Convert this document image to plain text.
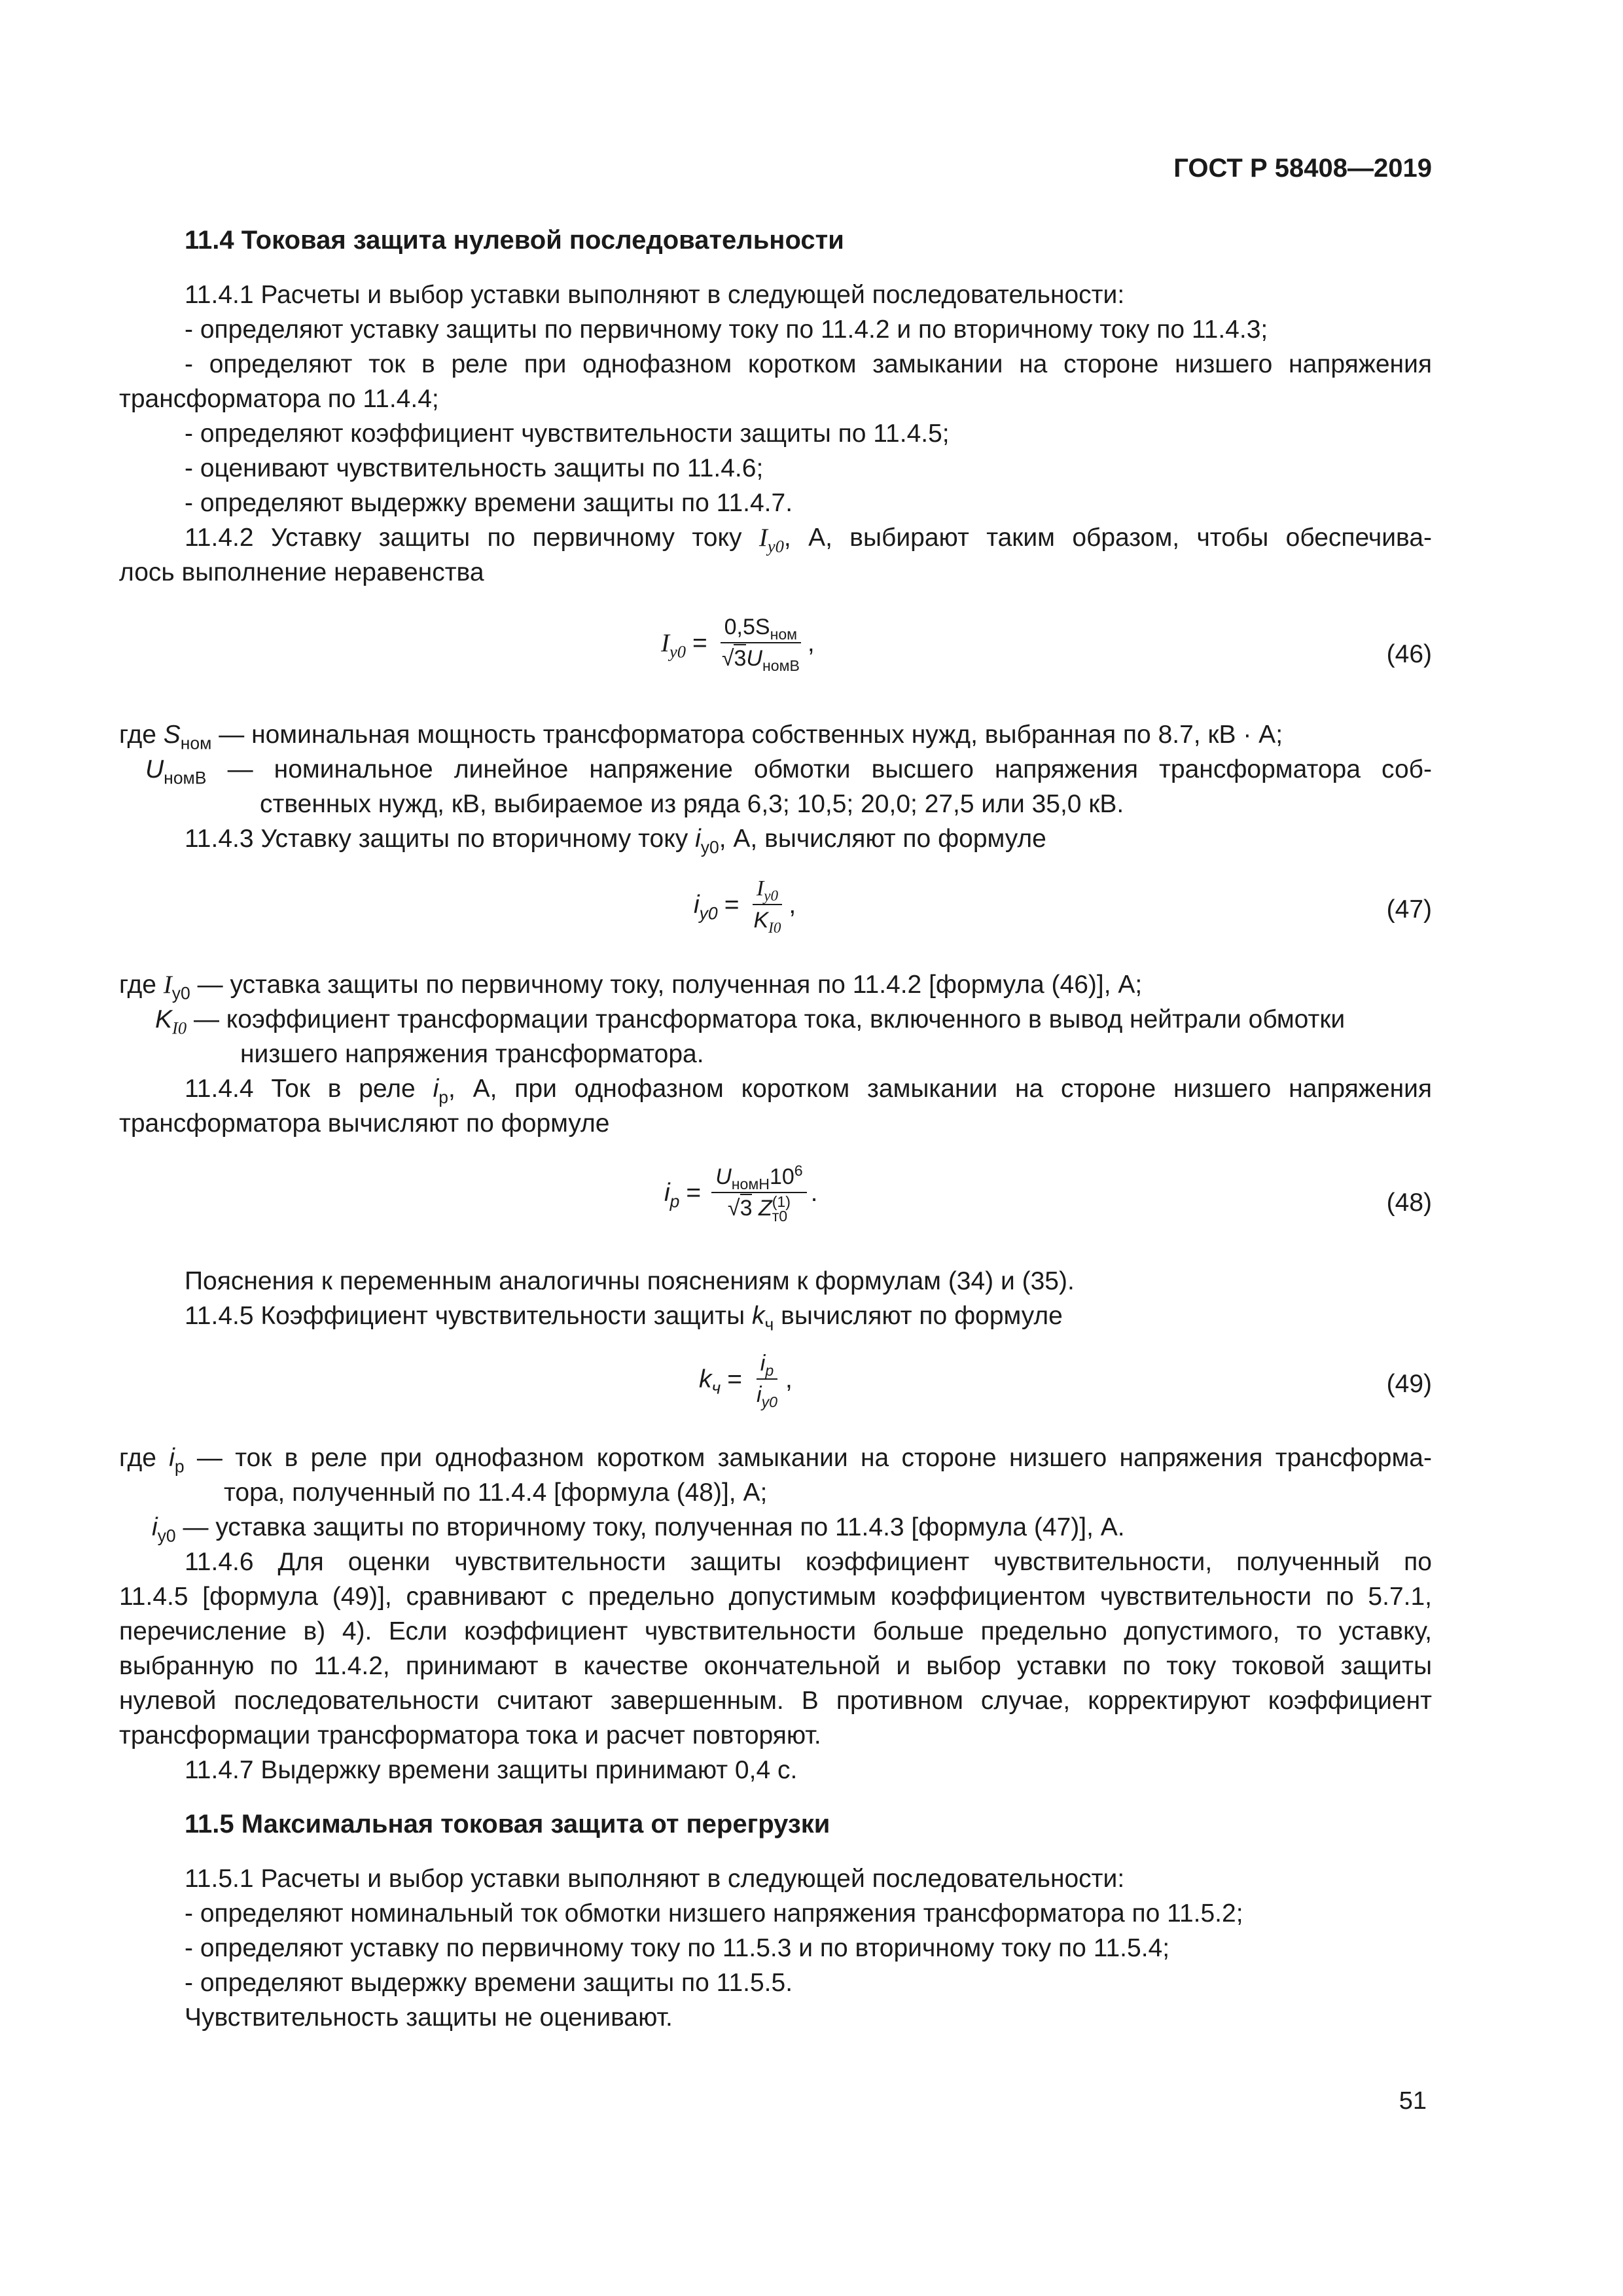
ГОСТ Р 58408—2019
11.4 Токовая защита нулевой последовательности
11.4.1 Расчеты и выбор уставки выполняют в следующей последовательности:
- определяют уставку защиты по первичному току по 11.4.2 и по вторичному току по 11.4.3;
- определяют ток в реле при однофазном коротком замыкании на стороне низшего напряжения
трансформатора по 11.4.4;
- определяют коэффициент чувствительности защиты по 11.4.5;
- оценивают чувствительность защиты по 11.4.6;
- определяют выдержку времени защиты по 11.4.7.
11.4.2 Уставку защиты по первичному току $I_{у0}$, А, выбирают таким образом, чтобы обеспечива-
лось выполнение неравенства
$I_{у0} = \frac{0,5S_{ном}}{√3U_{номВ}}$ ,	(46)
где $S_{ном}$ — номинальная мощность трансформатора собственных нужд, выбранная по 8.7, кВ · А;
$U_{номВ}$ — номинальное линейное напряжение обмотки высшего напряжения трансформатора соб-
ственных нужд, кВ, выбираемое из ряда 6,3; 10,5; 20,0; 27,5 или 35,0 кВ.
11.4.3 Уставку защиты по вторичному току $i_{у0}$, А, вычисляют по формуле
$i_{у0} = \frac{I_{у0}}{K_{I0}}$ ,	(47)
где $I_{у0}$ — уставка защиты по первичному току, полученная по 11.4.2 [формула (46)], А;
$K_{I0}$ — коэффициент трансформации трансформатора тока, включенного в вывод нейтрали обмотки
низшего напряжения трансформатора.
11.4.4 Ток в реле $i_р$, А, при однофазном коротком замыкании на стороне низшего напряжения
трансформатора вычисляют по формуле
$i_р = U_{номН}10^6$
√3 Z (1)
т0 .	(48)
Пояснения к переменным аналогичны пояснениям к формулам (34) и (35).
11.4.5 Коэффициент чувствительности защиты $k_ч$ вычисляют по формуле
$k_ч = \frac{i_р}{i_{у0}}$ ,	(49)
где $i_р$ — ток в реле при однофазном коротком замыкании на стороне низшего напряжения трансформа-
тора, полученный по 11.4.4 [формула (48)], А;
$i_{у0}$ — уставка защиты по вторичному току, полученная по 11.4.3 [формула (47)], А.
11.4.6 Для оценки чувствительности защиты коэффициент чувствительности, полученный по
11.4.5 [формула (49)], сравнивают с предельно допустимым коэффициентом чувствительности по 5.7.1,
перечисление в) 4). Если коэффициент чувствительности больше предельно допустимого, то уставку,
выбранную по 11.4.2, принимают в качестве окончательной и выбор уставки по току токовой защиты
нулевой последовательности считают завершенным. В противном случае, корректируют коэффициент
трансформации трансформатора тока и расчет повторяют.
11.4.7 Выдержку времени защиты принимают 0,4 с.
11.5 Максимальная токовая защита от перегрузки
11.5.1 Расчеты и выбор уставки выполняют в следующей последовательности:
- определяют номинальный ток обмотки низшего напряжения трансформатора по 11.5.2;
- определяют уставку по первичному току по 11.5.3 и по вторичному току по 11.5.4;
- определяют выдержку времени защиты по 11.5.5.
Чувствительность защиты не оценивают.
51
